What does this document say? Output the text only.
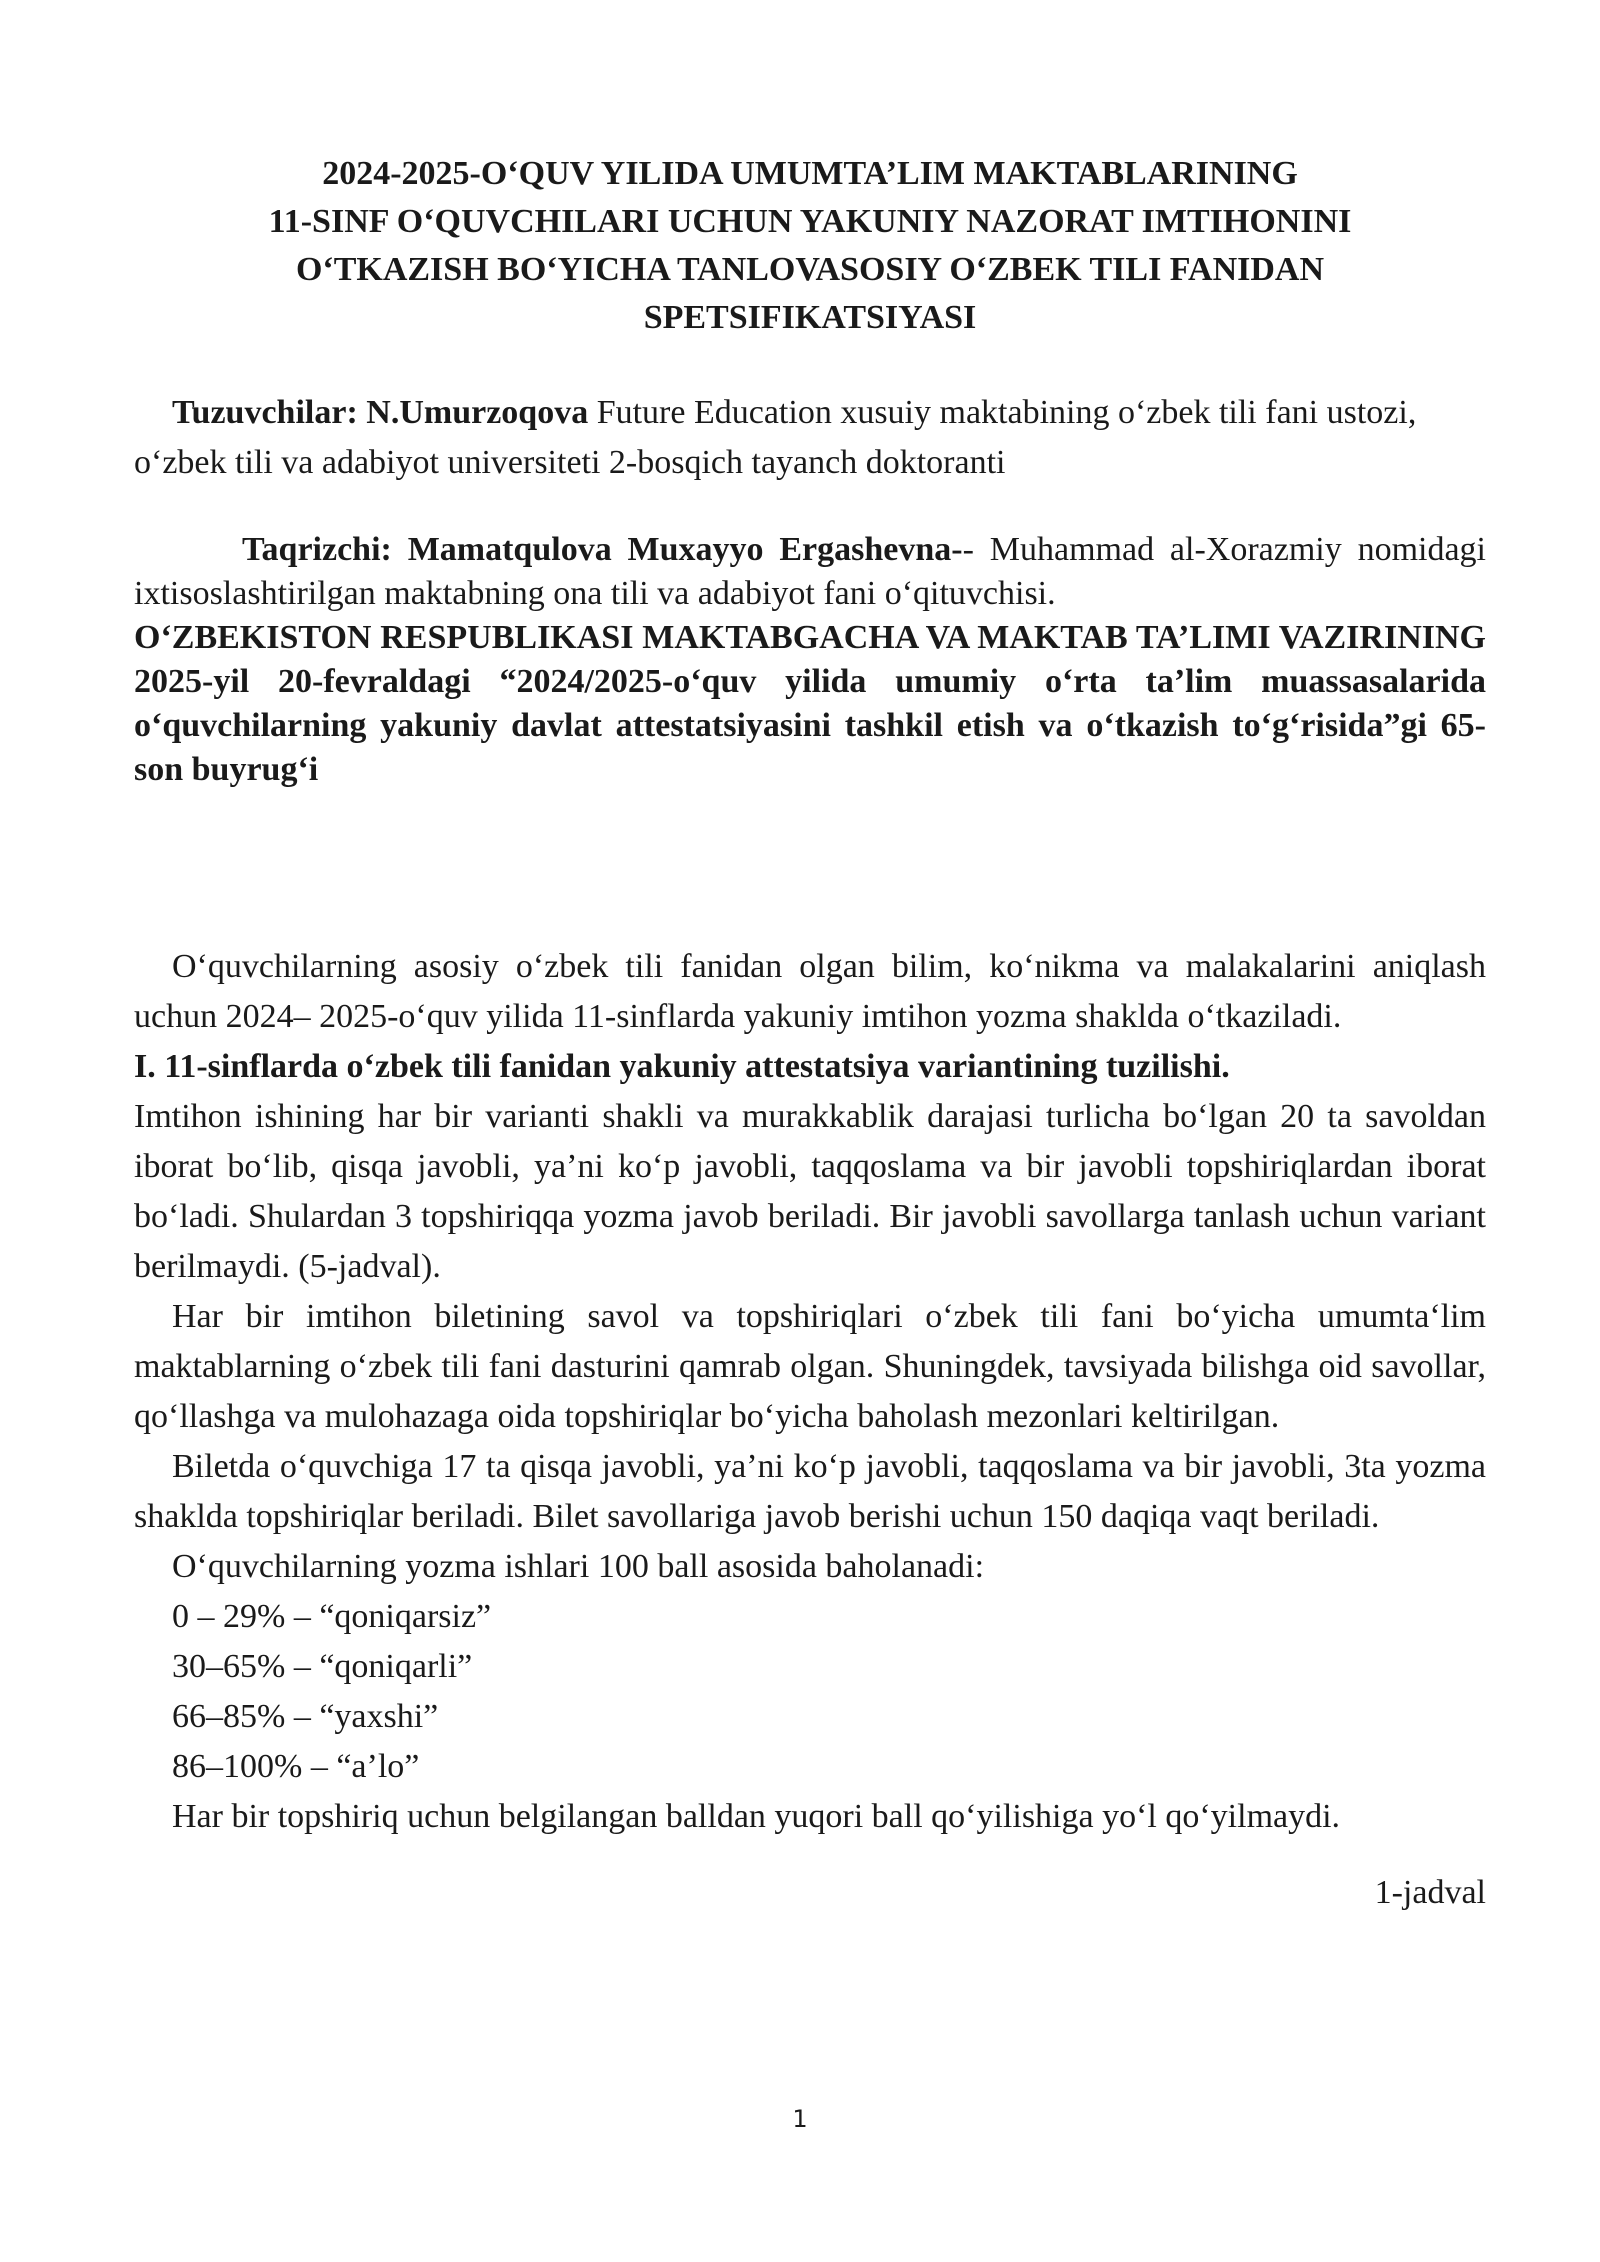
2024-2025-O‘QUV YILIDA UMUMTA’LIM MAKTABLARINING
11-SINF O‘QUVCHILARI UCHUN YAKUNIY NAZORAT IMTIHONINI
O‘TKAZISH BO‘YICHA TANLOVASOSIY O‘ZBEK TILI FANIDAN
SPETSIFIKATSIYASI

Tuzuvchilar: N.Umurzoqova Future Education xusuiy maktabining o‘zbek tili fani ustozi, o‘zbek tili va adabiyot universiteti 2-bosqich tayanch doktoranti

Taqrizchi: Mamatqulova Muxayyo Ergashevna-- Muhammad al-Xorazmiy nomidagi ixtisoslashtirilgan maktabning ona tili va adabiyot fani o‘qituvchisi.

O‘ZBEKISTON RESPUBLIKASI MAKTABGACHA VA MAKTAB TA’LIMI VAZIRINING 2025-yil 20-fevraldagi “2024/2025-o‘quv yilida umumiy o‘rta ta’lim muassasalarida o‘quvchilarning yakuniy davlat attestatsiyasini tashkil etish va o‘tkazish to‘g‘risida”gi 65-son buyrug‘i

O‘quvchilarning asosiy o‘zbek tili fanidan olgan bilim, ko‘nikma va malakalarini aniqlash uchun 2024– 2025-o‘quv yilida 11-sinflarda yakuniy imtihon yozma shaklda o‘tkaziladi.

I. 11-sinflarda o‘zbek tili fanidan yakuniy attestatsiya variantining tuzilishi.

Imtihon ishining har bir varianti shakli va murakkablik darajasi turlicha bo‘lgan 20 ta savoldan iborat bo‘lib, qisqa javobli, ya’ni ko‘p javobli, taqqoslama va bir javobli topshiriqlardan iborat bo‘ladi. Shulardan 3 topshiriqqa yozma javob beriladi. Bir javobli savollarga tanlash uchun variant berilmaydi. (5-jadval).

Har bir imtihon biletining savol va topshiriqlari o‘zbek tili fani bo‘yicha umumta‘lim maktablarning o‘zbek tili fani dasturini qamrab olgan. Shuningdek, tavsiyada bilishga oid savollar, qo‘llashga va mulohazaga oida topshiriqlar bo‘yicha baholash mezonlari keltirilgan.

Biletda o‘quvchiga 17 ta qisqa javobli, ya’ni ko‘p javobli, taqqoslama va bir javobli, 3ta yozma shaklda topshiriqlar beriladi. Bilet savollariga javob berishi uchun 150 daqiqa vaqt beriladi.

O‘quvchilarning yozma ishlari 100 ball asosida baholanadi:

0 – 29% – “qoniqarsiz”

30–65% – “qoniqarli”

66–85% – “yaxshi”

86–100% – “a’lo”

Har bir topshiriq uchun belgilangan balldan yuqori ball qo‘yilishiga yo‘l qo‘yilmaydi.

1-jadval

1
